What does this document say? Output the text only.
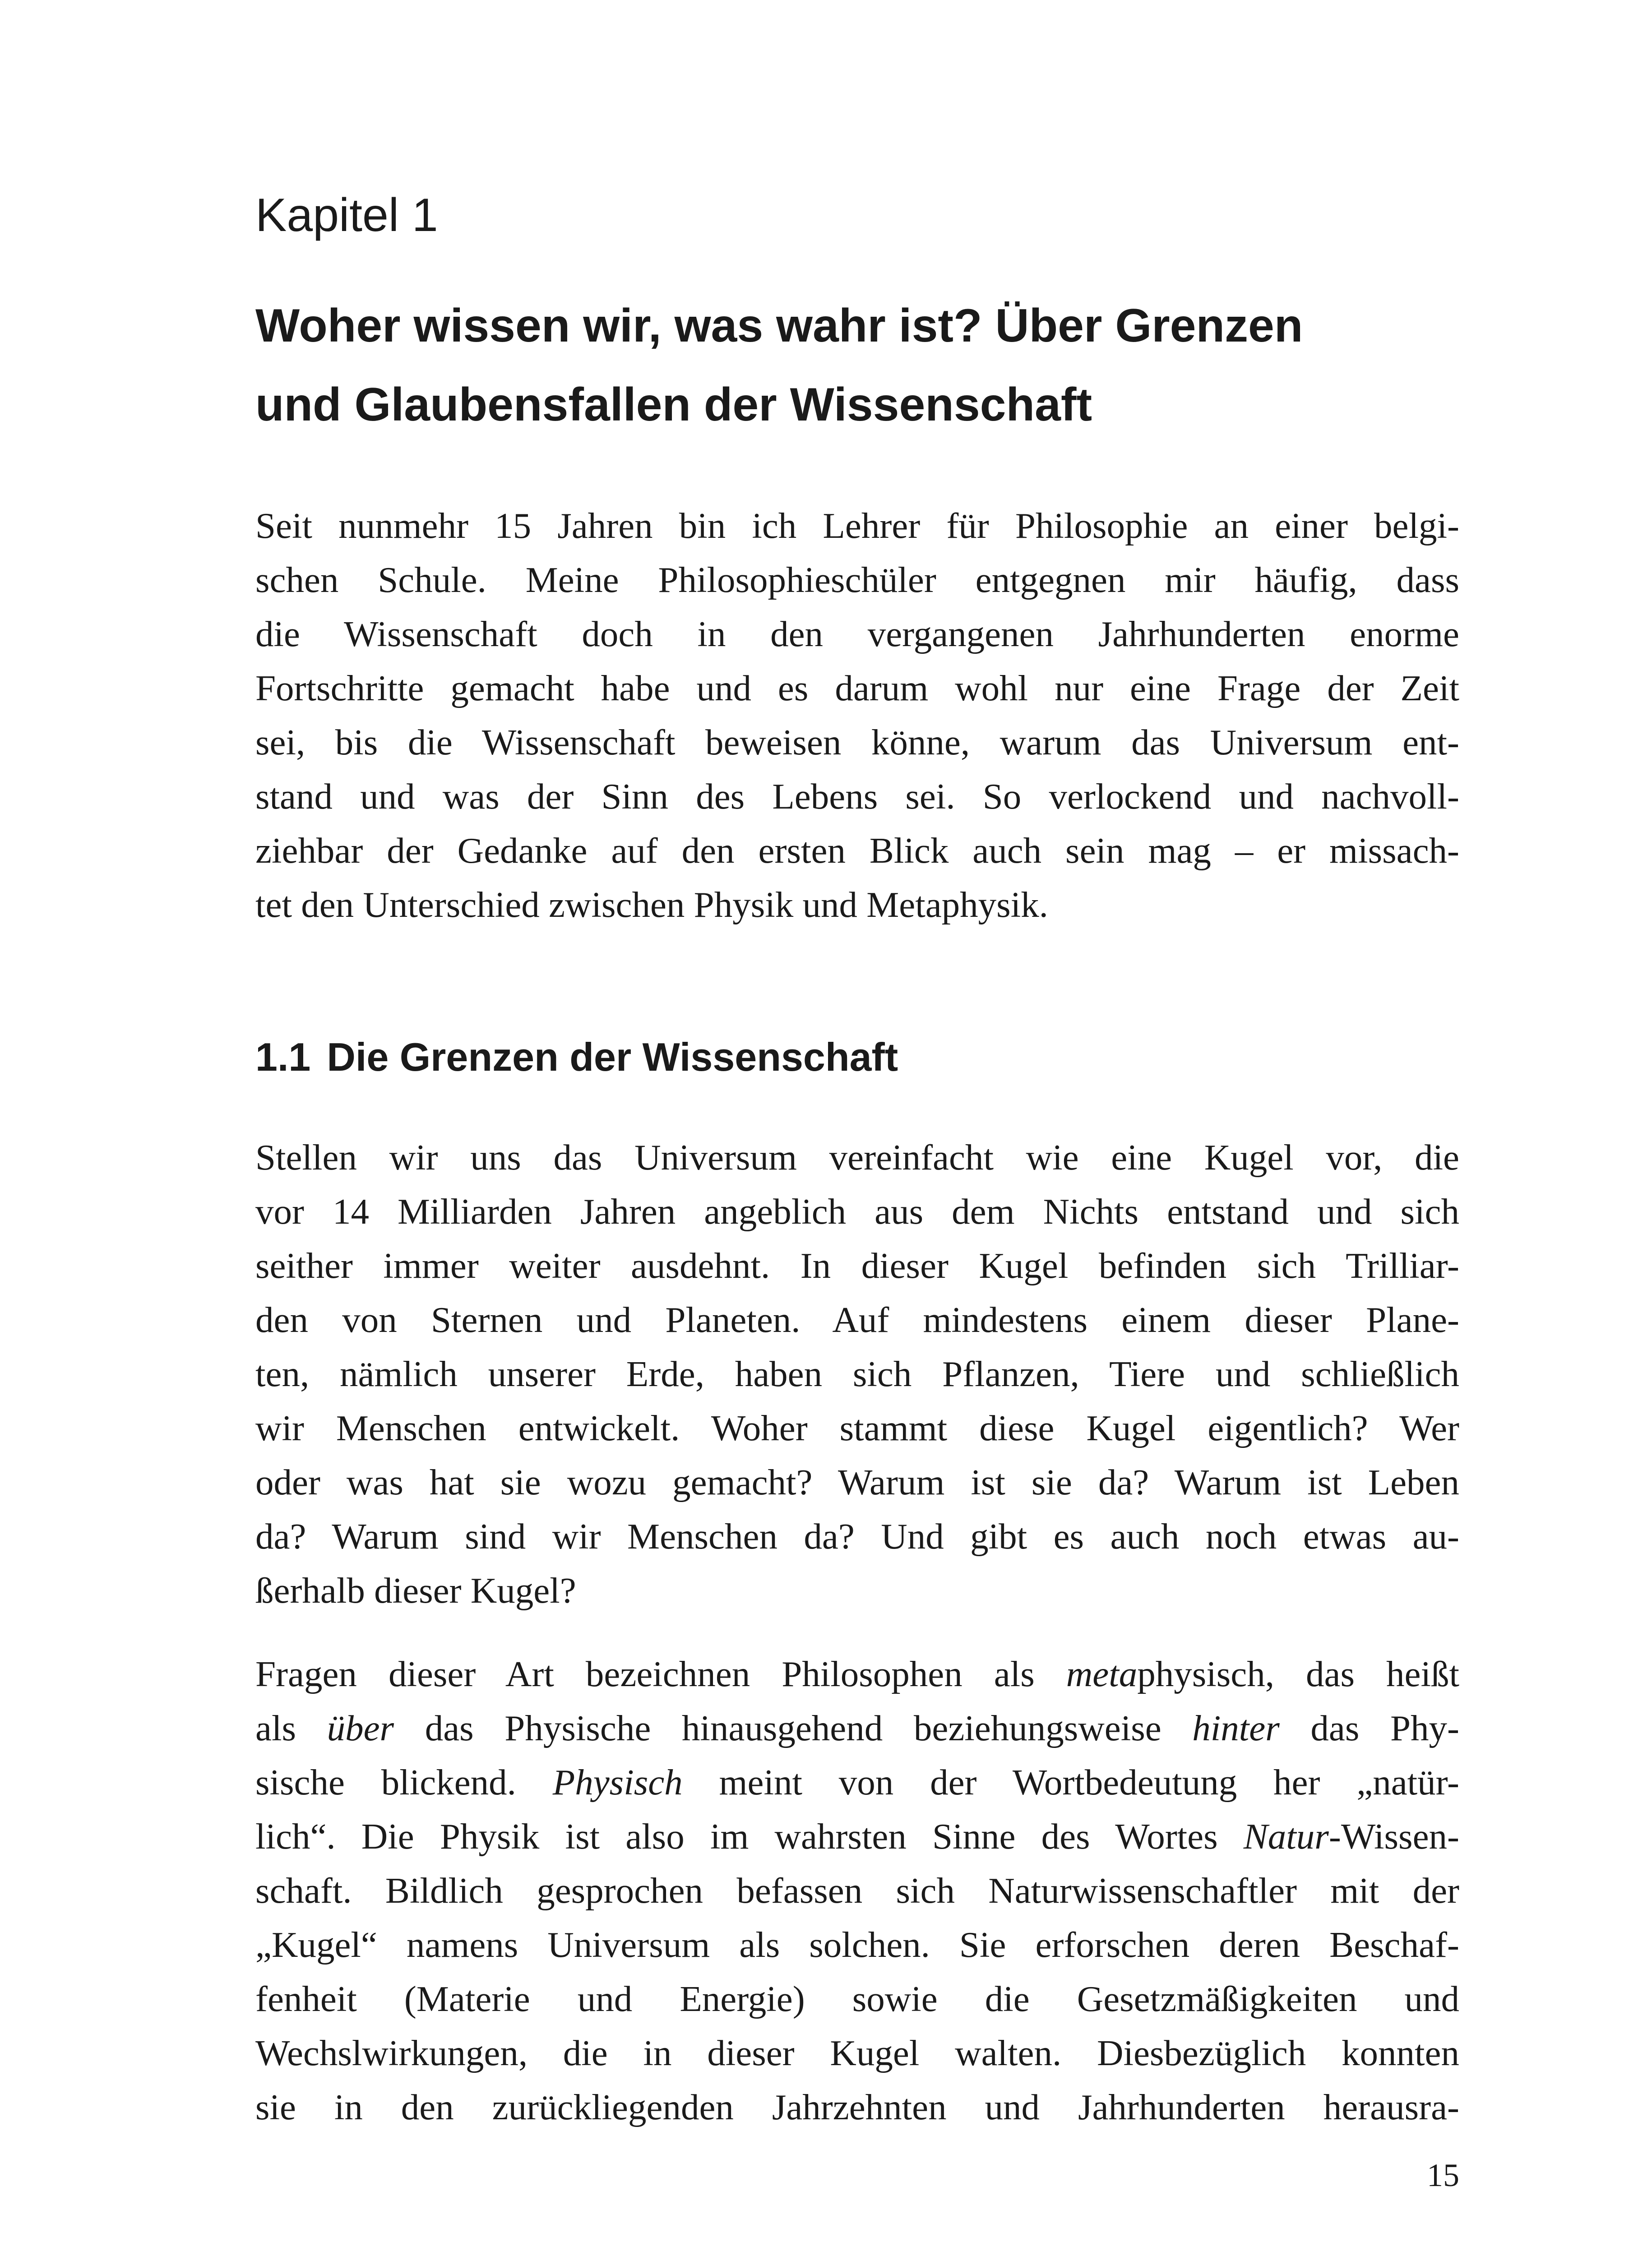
Kapitel 1
Woher wissen wir, was wahr ist? Über Grenzen
und Glaubensfallen der Wissenschaft
Seit nunmehr 15 Jahren bin ich Lehrer für Philosophie an einer belgi-
schen Schule. Meine Philosophieschüler entgegnen mir häufig, dass
die Wissenschaft doch in den vergangenen Jahrhunderten enorme
Fortschritte gemacht habe und es darum wohl nur eine Frage der Zeit
sei, bis die Wissenschaft beweisen könne, warum das Universum ent-
stand und was der Sinn des Lebens sei. So verlockend und nachvoll-
ziehbar der Gedanke auf den ersten Blick auch sein mag – er missach-
tet den Unterschied zwischen Physik und Metaphysik.
1.1 Die Grenzen der Wissenschaft
Stellen wir uns das Universum vereinfacht wie eine Kugel vor, die
vor 14 Milliarden Jahren angeblich aus dem Nichts entstand und sich
seither immer weiter ausdehnt. In dieser Kugel befinden sich Trilliar-
den von Sternen und Planeten. Auf mindestens einem dieser Plane-
ten, nämlich unserer Erde, haben sich Pflanzen, Tiere und schließlich
wir Menschen entwickelt. Woher stammt diese Kugel eigentlich? Wer
oder was hat sie wozu gemacht? Warum ist sie da? Warum ist Leben
da? Warum sind wir Menschen da? Und gibt es auch noch etwas au-
ßerhalb dieser Kugel?
Fragen dieser Art bezeichnen Philosophen als metaphysisch, das heißt
als über das Physische hinausgehend beziehungsweise hinter das Phy-
sische blickend. Physisch meint von der Wortbedeutung her „natür-
lich“. Die Physik ist also im wahrsten Sinne des Wortes Natur-Wissen-
schaft. Bildlich gesprochen befassen sich Naturwissenschaftler mit der
„Kugel“ namens Universum als solchen. Sie erforschen deren Beschaf-
fenheit (Materie und Energie) sowie die Gesetzmäßigkeiten und
Wechslwirkungen, die in dieser Kugel walten. Diesbezüglich konnten
sie in den zurückliegenden Jahrzehnten und Jahrhunderten herausra-
15
